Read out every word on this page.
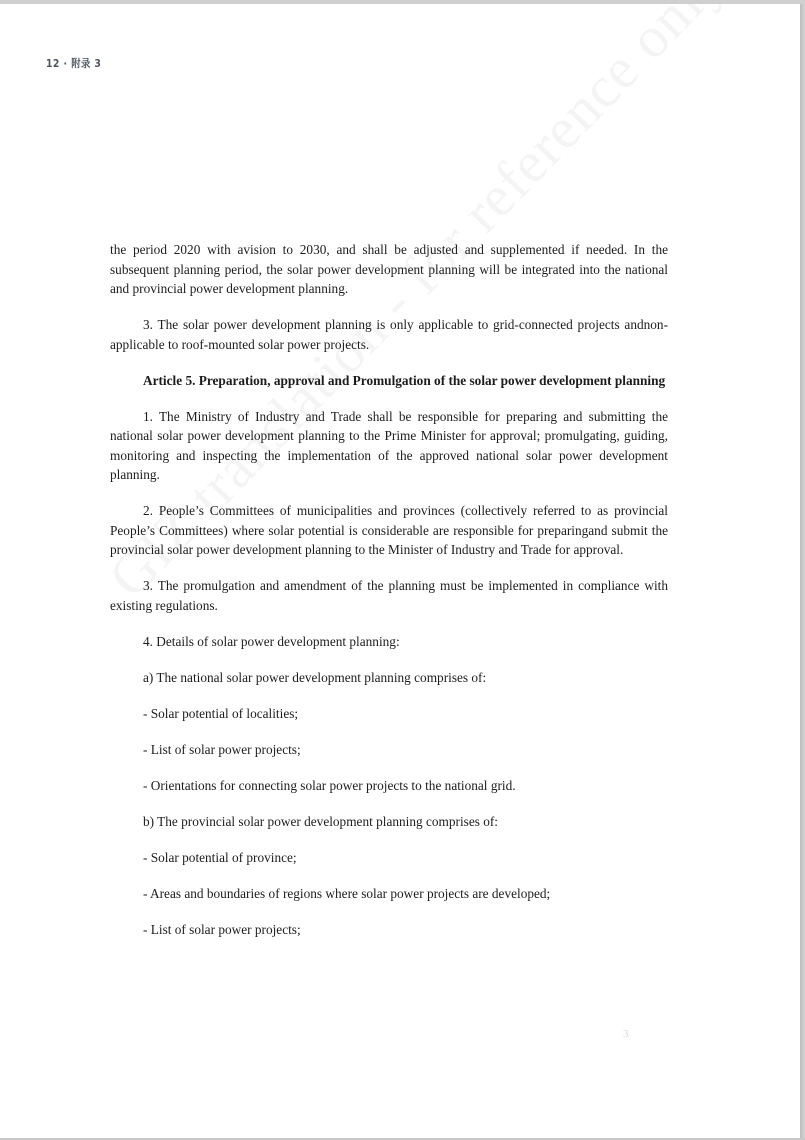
12 · 附录 3

the period 2020 with avision to 2030, and shall be adjusted and supplemented if needed. In the subsequent planning period, the solar power development planning will be integrated into the national and provincial power development planning.

3. The solar power development planning is only applicable to grid-connected projects andnon-applicable to roof-mounted solar power projects.

Article 5. Preparation, approval and Promulgation of the solar power development planning

1. The Ministry of Industry and Trade shall be responsible for preparing and submitting the national solar power development planning to the Prime Minister for approval; promulgating, guiding, monitoring and inspecting the implementation of the approved national solar power development planning.

2. People’s Committees of municipalities and provinces (collectively referred to as provincial People’s Committees) where solar potential is considerable are responsible for preparingand submit the provincial solar power development planning to the Minister of Industry and Trade for approval.

3. The promulgation and amendment of the planning must be implemented in compliance with existing regulations.

4. Details of solar power development planning:

a) The national solar power development planning comprises of:

- Solar potential of localities;

- List of solar power projects;

- Orientations for connecting solar power projects to the national grid.

b) The provincial solar power development planning comprises of:

- Solar potential of province;

- Areas and boundaries of regions where solar power projects are developed;

- List of solar power projects;

3
